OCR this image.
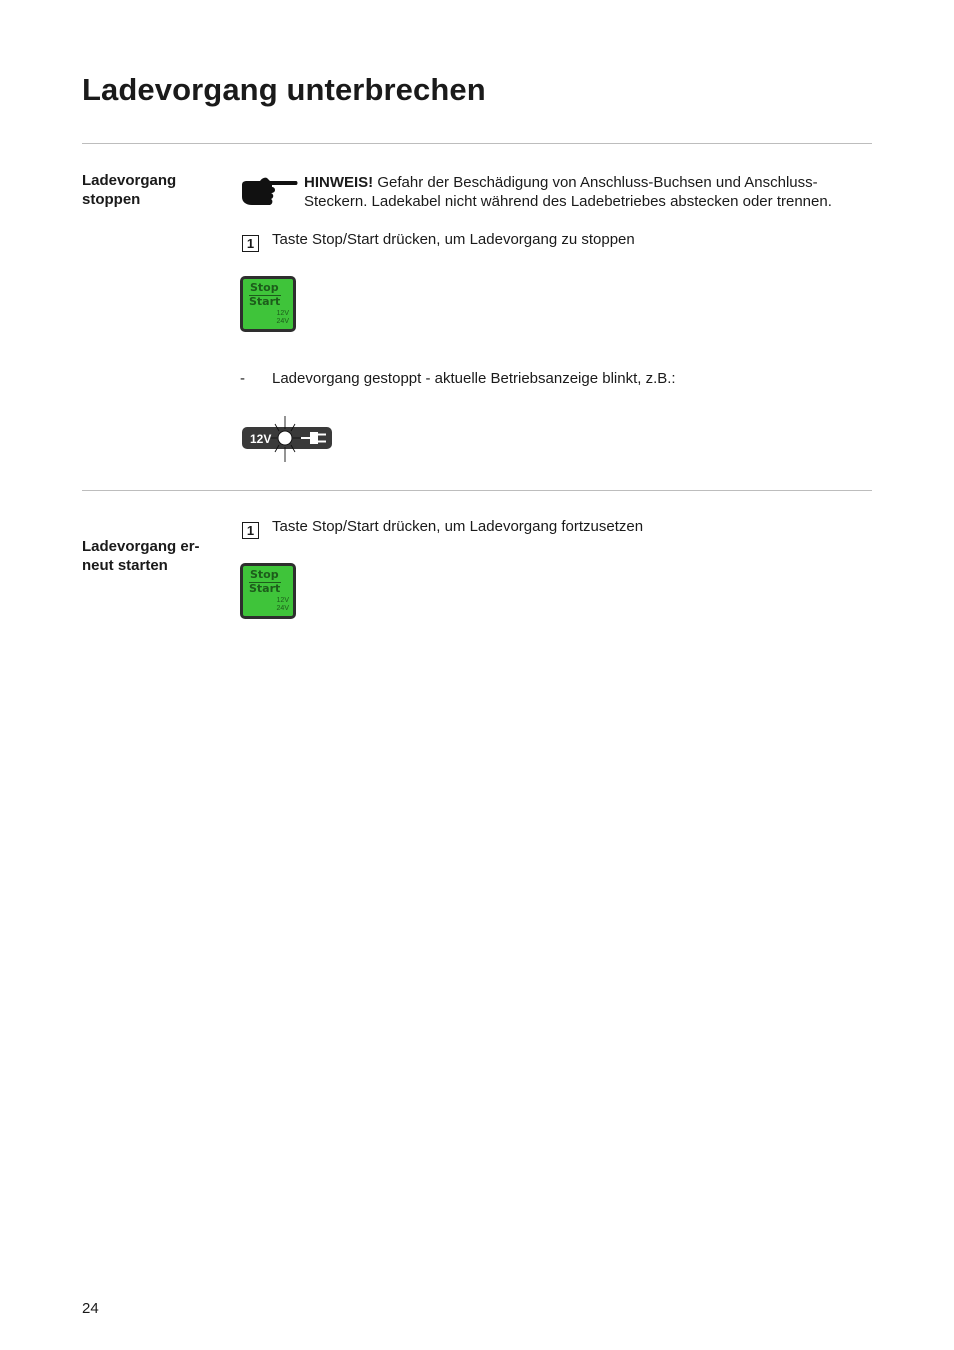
Ladevorgang unterbrechen
Ladevorgang stoppen
HINWEIS! Gefahr der Beschädigung von Anschluss-Buchsen und Anschluss-Steckern. Ladekabel nicht während des Ladebetriebes abstecken oder trennen.
1	Taste Stop/Start drücken, um Ladevorgang zu stoppen
Stop
Start
12V
24V
- Ladevorgang gestoppt - aktuelle Betriebsanzeige blinkt, z.B.:
12V

Ladevorgang er-
neut starten

1	Taste Stop/Start drücken, um Ladevorgang fortzusetzen
Stop
Start
12V
24V
24
